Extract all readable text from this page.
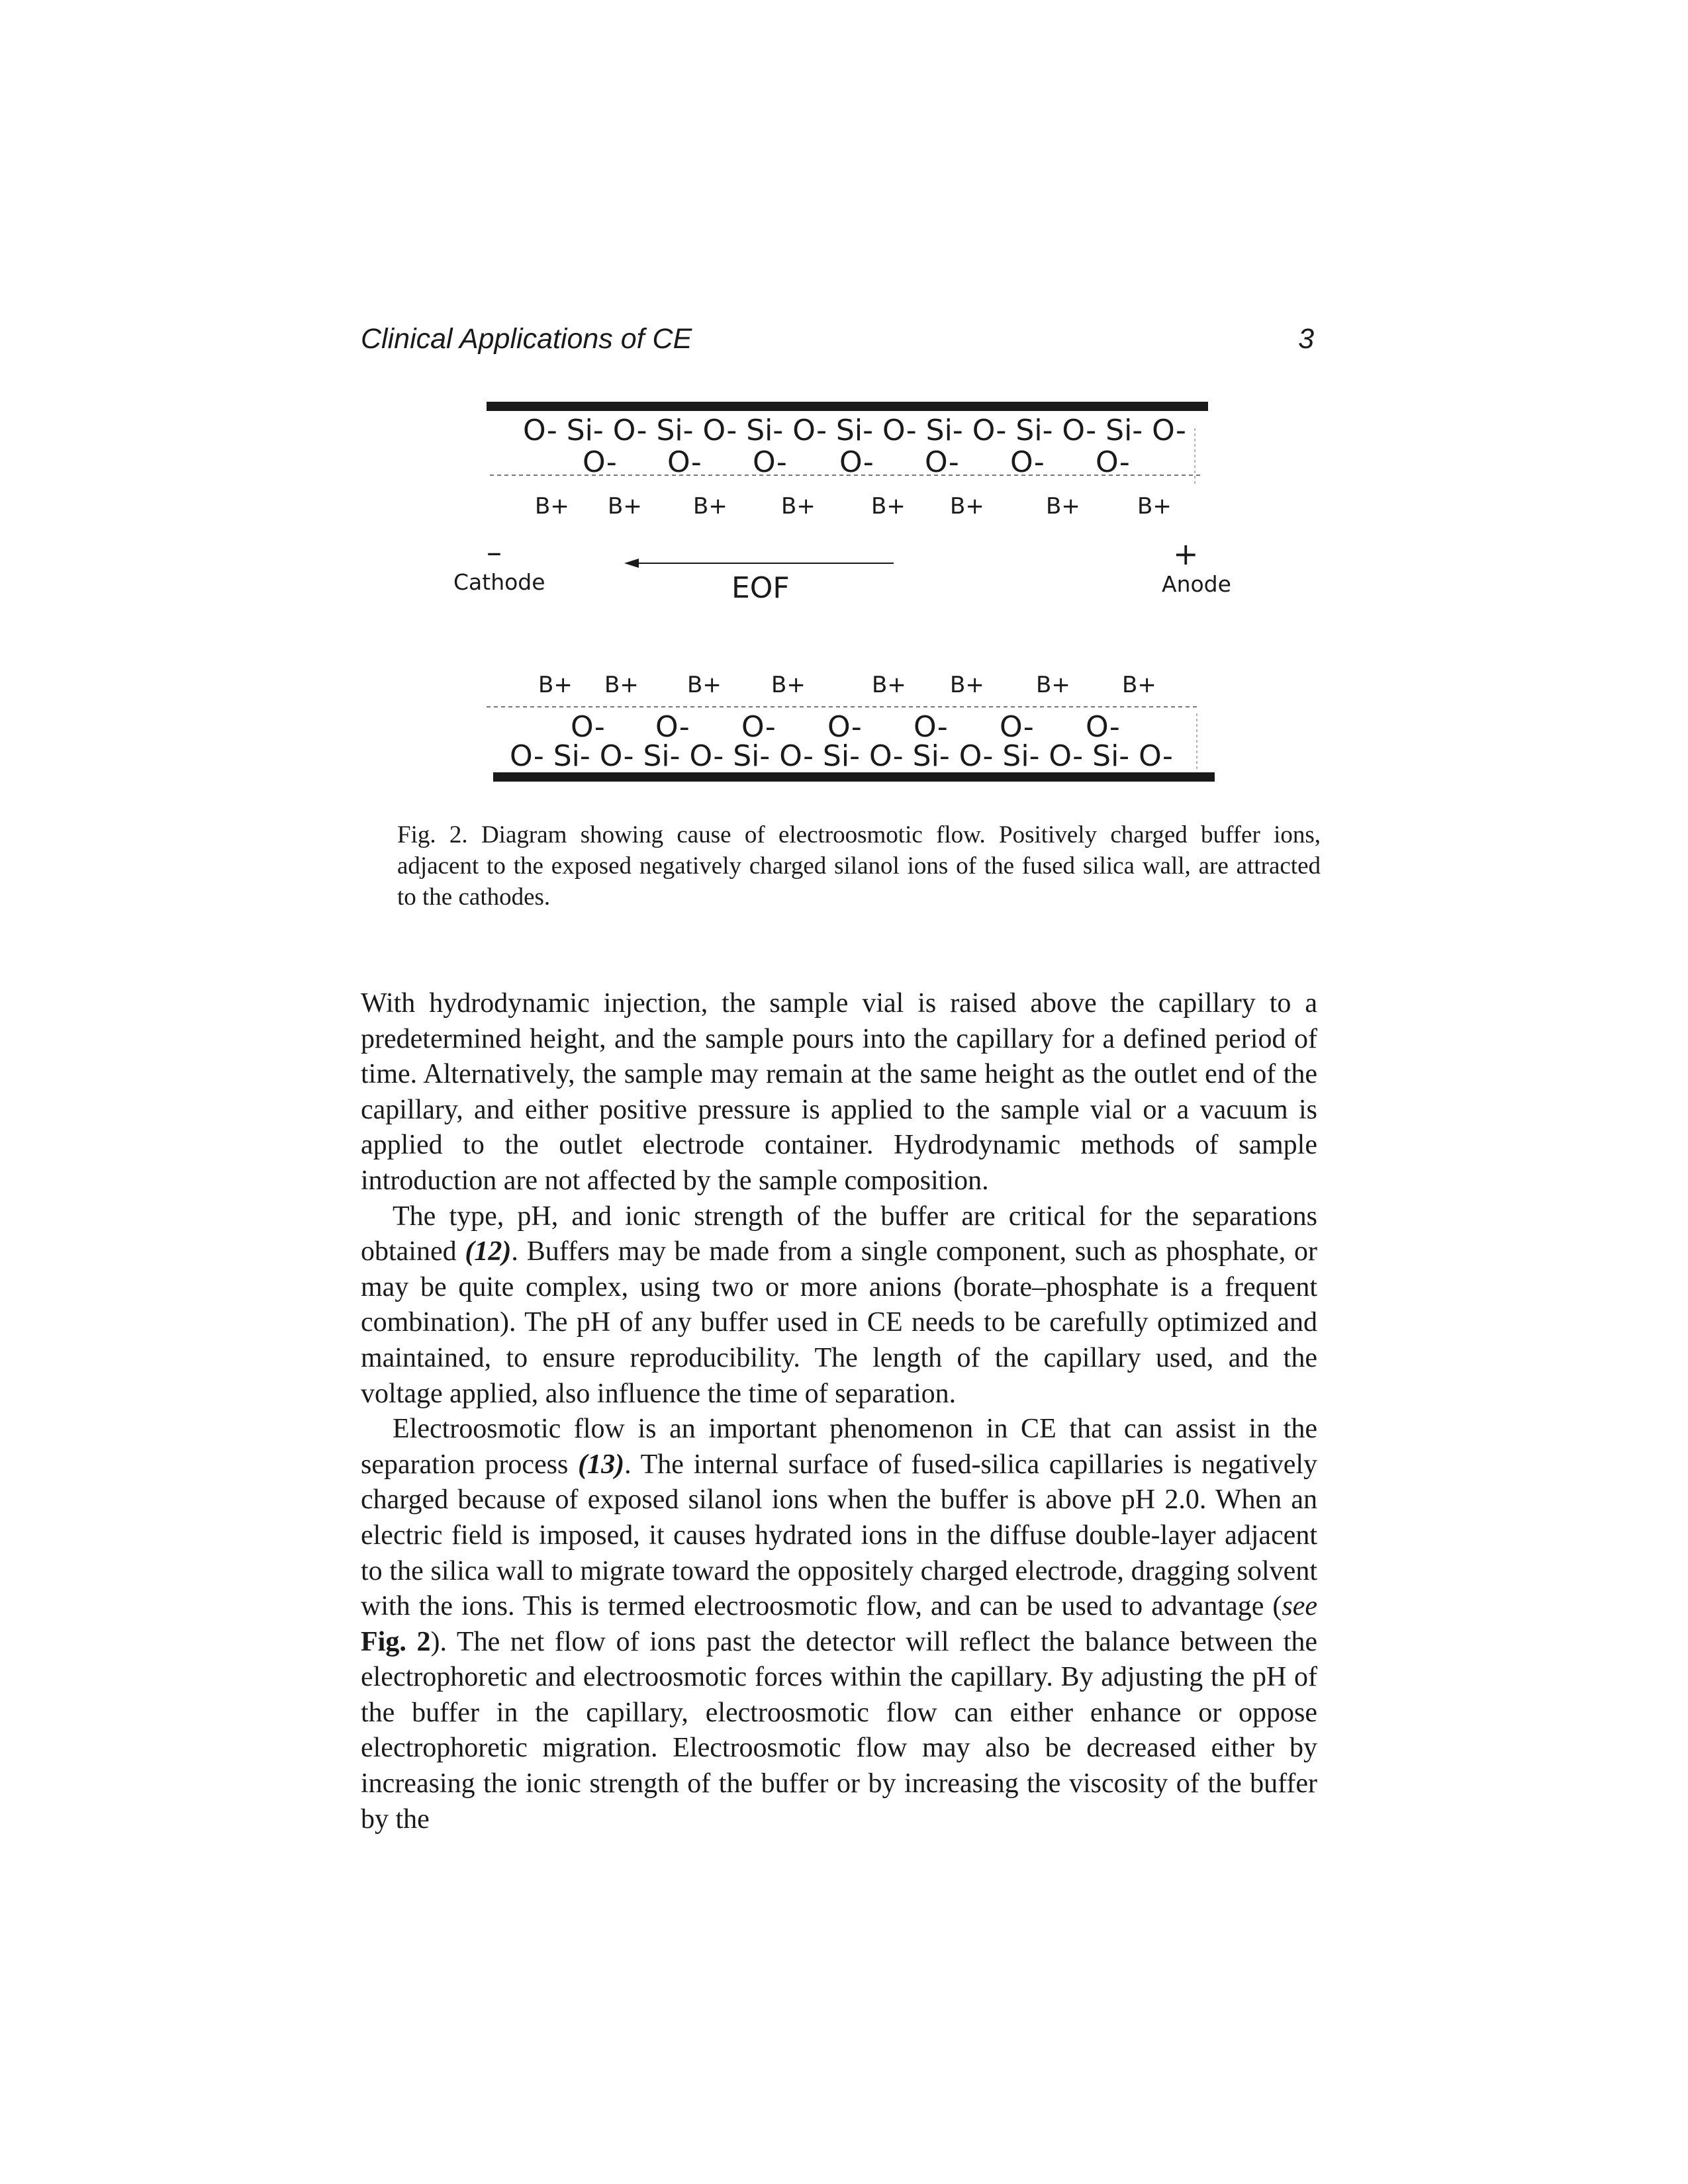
Clinical Applications of CE	3
O- Si- O- Si- O- Si- O- Si- O- Si- O- Si- O- Si- O-
O- O- O- O- O- O- O-
B+ B+ B+ B+ B+ B+	B+	B+
–
Cathode
+
Anode
EOF
B+ B+ B+ B+	B+ B+ B+ B+
O- O- O- O- O- O- O-
O- Si- O- Si- O- Si- O- Si- O- Si- O- Si- O- Si- O-
Fig. 2. Diagram showing cause of electroosmotic flow. Positively charged buffer ions, adjacent to the exposed negatively charged silanol ions of the fused silica wall, are attracted to the cathodes.

With hydrodynamic injection, the sample vial is raised above the capillary to a predetermined height, and the sample pours into the capillary for a defined period of time. Alternatively, the sample may remain at the same height as the outlet end of the capillary, and either positive pressure is applied to the sample vial or a vacuum is applied to the outlet electrode container. Hydrodynamic methods of sample introduction are not affected by the sample composition.

The type, pH, and ionic strength of the buffer are critical for the separations obtained (12). Buffers may be made from a single component, such as phosphate, or may be quite complex, using two or more anions (borate–phosphate is a frequent combination). The pH of any buffer used in CE needs to be carefully optimized and maintained, to ensure reproducibility. The length of the capillary used, and the voltage applied, also influence the time of separation.

Electroosmotic flow is an important phenomenon in CE that can assist in the separation process (13). The internal surface of fused-silica capillaries is negatively charged because of exposed silanol ions when the buffer is above pH 2.0. When an electric field is imposed, it causes hydrated ions in the diffuse double-layer adjacent to the silica wall to migrate toward the oppositely charged electrode, dragging solvent with the ions. This is termed electroosmotic flow, and can be used to advantage (see Fig. 2). The net flow of ions past the detector will reflect the balance between the electrophoretic and electroosmotic forces within the capillary. By adjusting the pH of the buffer in the capillary, electroosmotic flow can either enhance or oppose electrophoretic migration. Electroosmotic flow may also be decreased either by increasing the ionic strength of the buffer or by increasing the viscosity of the buffer by the
